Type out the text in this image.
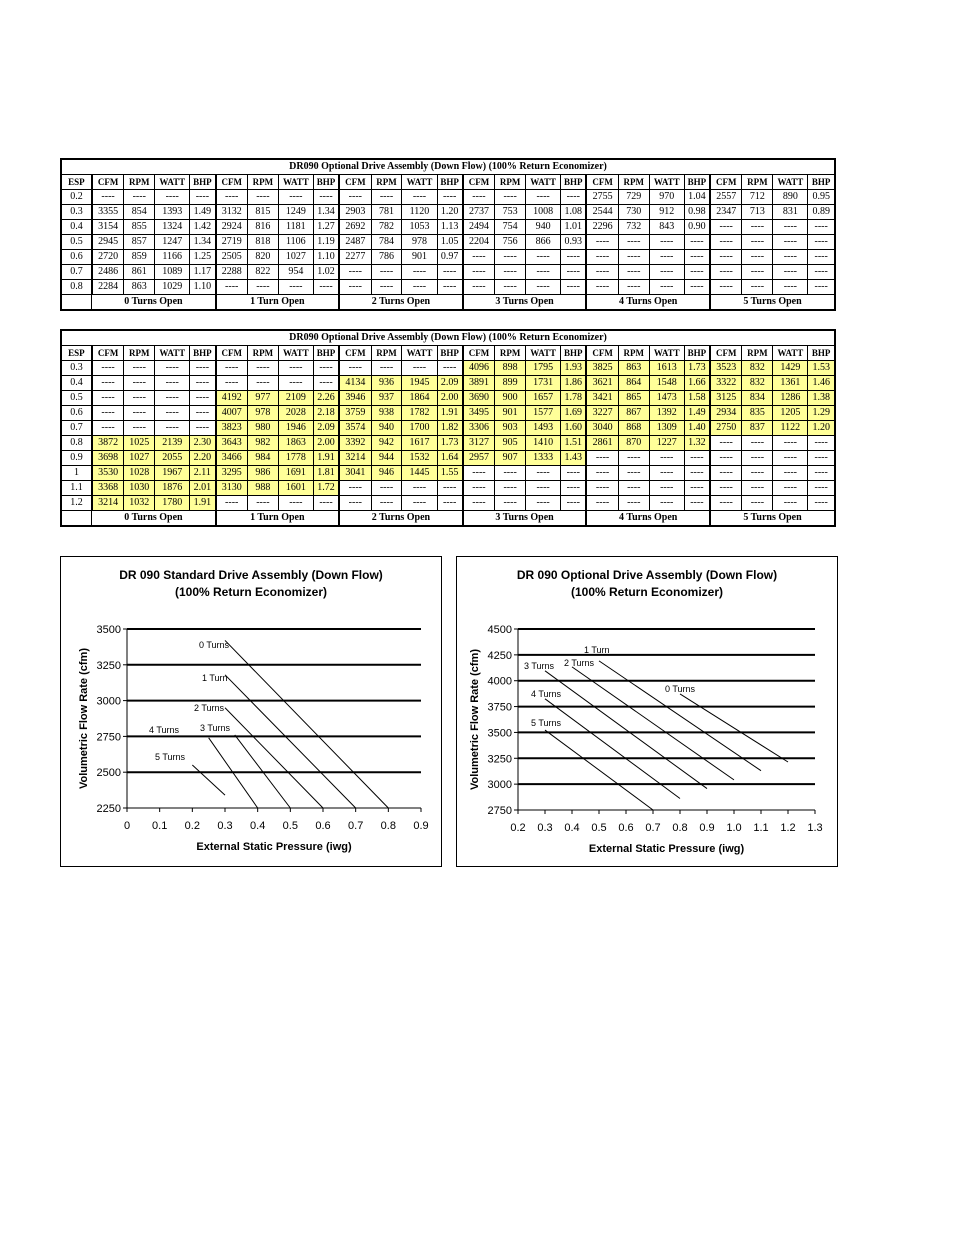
DR090 Optional Drive Assembly (Down Flow) (100% Return Economizer)																								
ESP	CFM	RPM	WATT	BHP	CFM	RPM	WATT	BHP	CFM	RPM	WATT	BHP	CFM	RPM	WATT	BHP	CFM	RPM	WATT	BHP	CFM	RPM	WATT	BHP
0.2	----	----	----	----	----	----	----	----	----	----	----	----	----	----	----	----	2755	729	970	1.04	2557	712	890	0.95
0.3	3355	854	1393	1.49	3132	815	1249	1.34	2903	781	1120	1.20	2737	753	1008	1.08	2544	730	912	0.98	2347	713	831	0.89
0.4	3154	855	1324	1.42	2924	816	1181	1.27	2692	782	1053	1.13	2494	754	940	1.01	2296	732	843	0.90	----	----	----	----
0.5	2945	857	1247	1.34	2719	818	1106	1.19	2487	784	978	1.05	2204	756	866	0.93	----	----	----	----	----	----	----	----
0.6	2720	859	1166	1.25	2505	820	1027	1.10	2277	786	901	0.97	----	----	----	----	----	----	----	----	----	----	----	----
0.7	2486	861	1089	1.17	2288	822	954	1.02	----	----	----	----	----	----	----	----	----	----	----	----	----	----	----	----
0.8	2284	863	1029	1.10	----	----	----	----	----	----	----	----	----	----	----	----	----	----	----	----	----	----	----	----
	0 Turns Open				1 Turn Open				2 Turns Open				3 Turns Open				4 Turns Open				5 Turns Open			
DR090 Optional Drive Assembly (Down Flow) (100% Return Economizer)																								
ESP	CFM	RPM	WATT	BHP	CFM	RPM	WATT	BHP	CFM	RPM	WATT	BHP	CFM	RPM	WATT	BHP	CFM	RPM	WATT	BHP	CFM	RPM	WATT	BHP
0.3	----	----	----	----	----	----	----	----	----	----	----	----	4096	898	1795	1.93	3825	863	1613	1.73	3523	832	1429	1.53
0.4	----	----	----	----	----	----	----	----	4134	936	1945	2.09	3891	899	1731	1.86	3621	864	1548	1.66	3322	832	1361	1.46
0.5	----	----	----	----	4192	977	2109	2.26	3946	937	1864	2.00	3690	900	1657	1.78	3421	865	1473	1.58	3125	834	1286	1.38
0.6	----	----	----	----	4007	978	2028	2.18	3759	938	1782	1.91	3495	901	1577	1.69	3227	867	1392	1.49	2934	835	1205	1.29
0.7	----	----	----	----	3823	980	1946	2.09	3574	940	1700	1.82	3306	903	1493	1.60	3040	868	1309	1.40	2750	837	1122	1.20
0.8	3872	1025	2139	2.30	3643	982	1863	2.00	3392	942	1617	1.73	3127	905	1410	1.51	2861	870	1227	1.32	----	----	----	----
0.9	3698	1027	2055	2.20	3466	984	1778	1.91	3214	944	1532	1.64	2957	907	1333	1.43	----	----	----	----	----	----	----	----
1	3530	1028	1967	2.11	3295	986	1691	1.81	3041	946	1445	1.55	----	----	----	----	----	----	----	----	----	----	----	----
1.1	3368	1030	1876	2.01	3130	988	1601	1.72	----	----	----	----	----	----	----	----	----	----	----	----	----	----	----	----
1.2	3214	1032	1780	1.91	----	----	----	----	----	----	----	----	----	----	----	----	----	----	----	----	----	----	----	----
	0 Turns Open				1 Turn Open				2 Turns Open				3 Turns Open				4 Turns Open				5 Turns Open			
DR 090 Standard Drive Assembly (Down Flow)
(100% Return Economizer)
2250
2500
2750
3000
3250
3500
0 0.1 0.2 0.3 0.4 0.5 0.6 0.7 0.8 0.9
External Static Pressure (iwg)
Volumetric Flow Rate (cfm)
0 Turns
1 Turn
2 Turns
3 Turns
4 Turns
5 Turns
DR 090 Optional Drive Assembly (Down Flow)
(100% Return Economizer)
2750
3000
3250
3500
3750
4000
4250
4500
0.2 0.3 0.4 0.5 0.6 0.7 0.8 0.9 1.0 1.1 1.2 1.3
External Static Pressure (iwg)
Volumetric Flow Rate (cfm)	0 Turns
1 Turn
2 Turns
3 Turns
4 Turns
5 Turns
